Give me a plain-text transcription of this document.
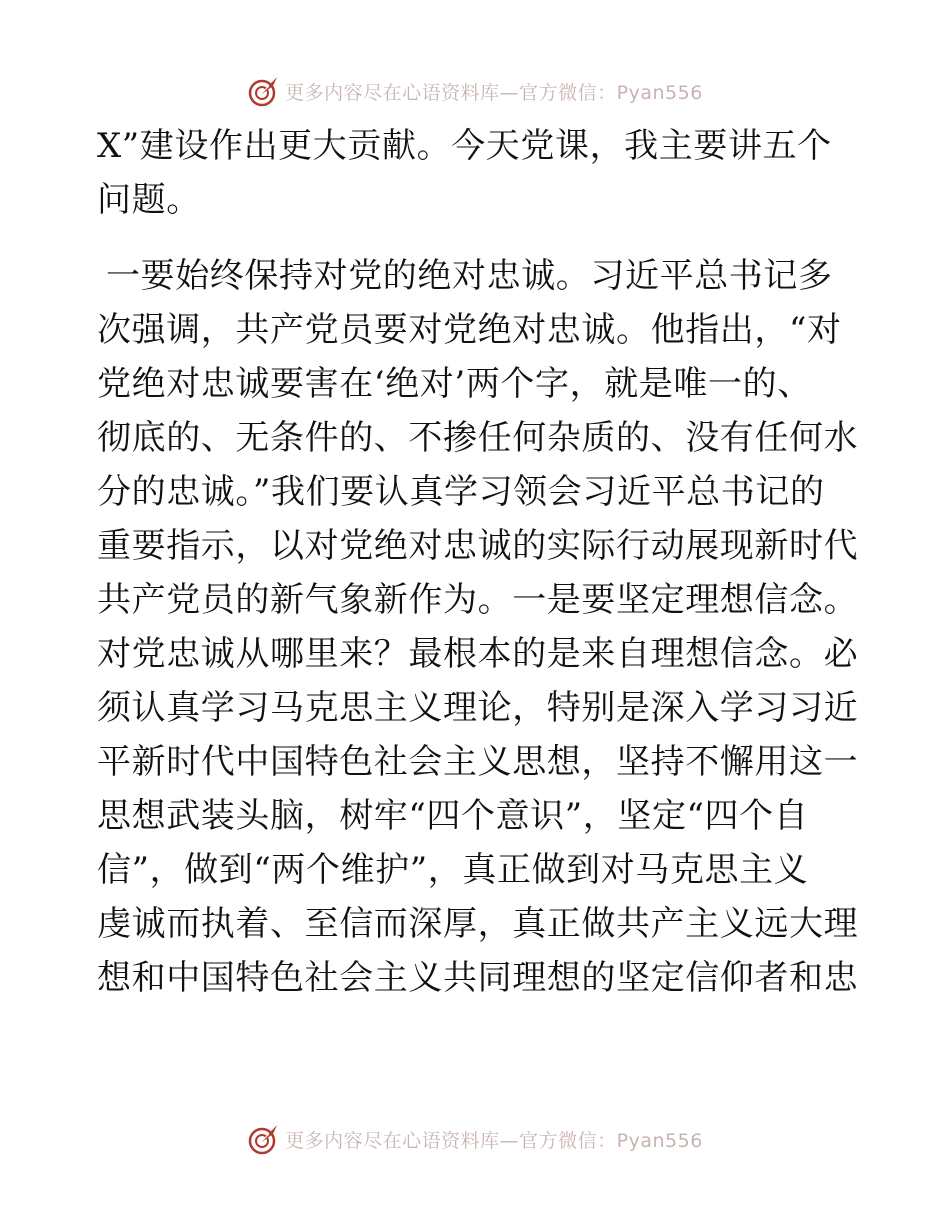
更多内容尽在心语资料库—官方微信：Pyan556
X”建设作出更大贡献。今天党课，我主要讲五个
问题。
一要始终保持对党的绝对忠诚。习近平总书记多
次强调，共产党员要对党绝对忠诚。他指出，“对
党绝对忠诚要害在‘绝对’两个字，就是唯一的、
彻底的、无条件的、不掺任何杂质的、没有任何水
分的忠诚。”我们要认真学习领会习近平总书记的
重要指示，以对党绝对忠诚的实际行动展现新时代
共产党员的新气象新作为。一是要坚定理想信念。
对党忠诚从哪里来？最根本的是来自理想信念。必
须认真学习马克思主义理论，特别是深入学习习近
平新时代中国特色社会主义思想，坚持不懈用这一
思想武装头脑，树牢“四个意识”，坚定“四个自
信”，做到“两个维护”，真正做到对马克思主义
虔诚而执着、至信而深厚，真正做共产主义远大理
想和中国特色社会主义共同理想的坚定信仰者和忠
更多内容尽在心语资料库—官方微信：Pyan556
